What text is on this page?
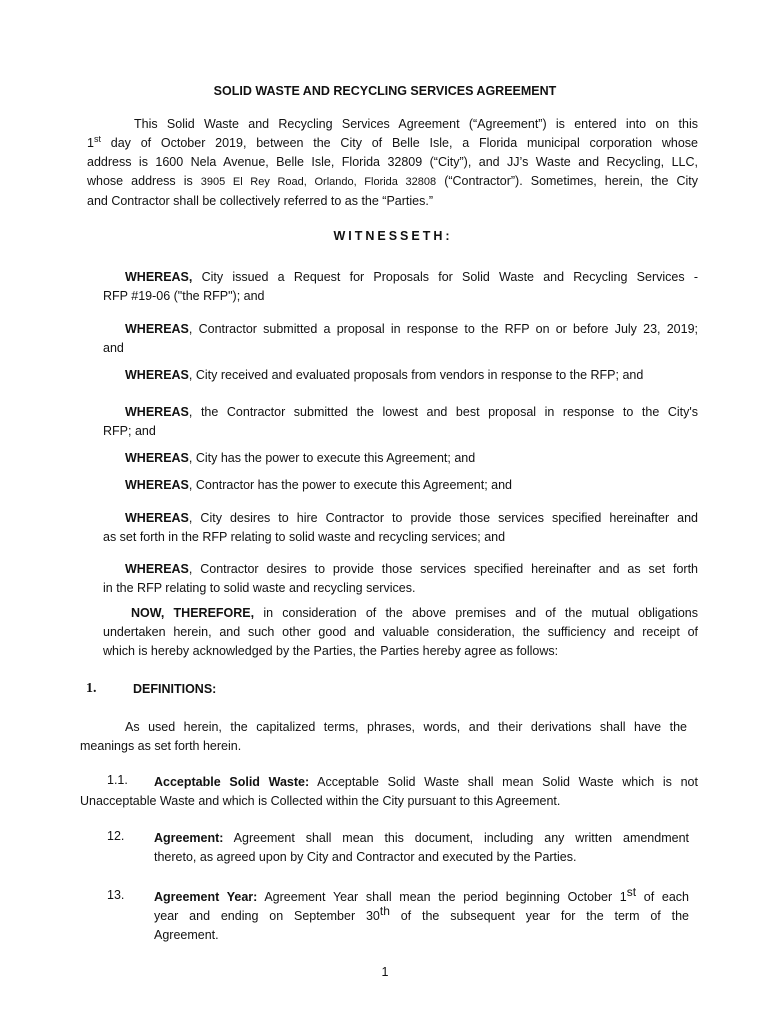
SOLID WASTE AND RECYCLING SERVICES AGREEMENT
This Solid Waste and Recycling Services Agreement (“Agreement”) is entered into on this
1st day of October 2019, between the City of Belle Isle, a Florida municipal corporation whose
address is 1600 Nela Avenue, Belle Isle, Florida 32809 (“City”), and JJ’s Waste and Recycling, LLC,
whose address is 3905 El Rey Road, Orlando, Florida 32808 (“Contractor”). Sometimes, herein, the City
and Contractor shall be collectively referred to as the “Parties.”
WITNESSETH:
WHEREAS, City issued a Request for Proposals for Solid Waste and Recycling Services -
RFP #19-06 ("the RFP"); and
WHEREAS, Contractor submitted a proposal in response to the RFP on or before July 23, 2019;
and
WHEREAS, City received and evaluated proposals from vendors in response to the RFP; and
WHEREAS, the Contractor submitted the lowest and best proposal in response to the City's
RFP; and
WHEREAS, City has the power to execute this Agreement; and
WHEREAS, Contractor has the power to execute this Agreement; and
WHEREAS, City desires to hire Contractor to provide those services specified hereinafter and
as set forth in the RFP relating to solid waste and recycling services; and
WHEREAS, Contractor desires to provide those services specified hereinafter and as set forth
in the RFP relating to solid waste and recycling services.
NOW, THEREFORE, in consideration of the above premises and of the mutual obligations
undertaken herein, and such other good and valuable consideration, the sufficiency and receipt of
which is hereby acknowledged by the Parties, the Parties hereby agree as follows:
1.	DEFINITIONS:
As used herein, the capitalized terms, phrases, words, and their derivations shall have the
meanings as set forth herein.
1.1.	Acceptable Solid Waste: Acceptable Solid Waste shall mean Solid Waste which is not
Unacceptable Waste and which is Collected within the City pursuant to this Agreement.
12. Agreement: Agreement shall mean this document, including any written amendment
thereto, as agreed upon by City and Contractor and executed by the Parties.
13. Agreement Year: Agreement Year shall mean the period beginning October 1st of each
year and ending on September 30th of the subsequent year for the term of the
Agreement.
1
